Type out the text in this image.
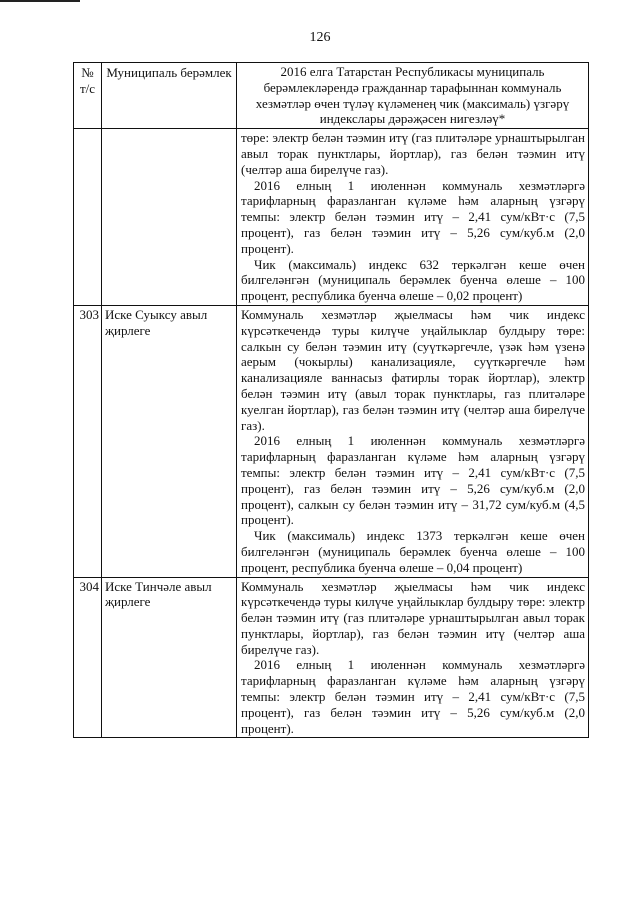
126
№ т/с	Муниципаль берәмлек	2016 елга Татарстан Республикасы муниципаль берәмлекләрендә гражданнар тарафыннан коммуналь хезмәтләр өчен түләү күләменең чик (максималь) үзгәрү индекслары дәрәҗәсен нигезләү*

		төре: электр белән тәэмин итү (газ плитәләре урнаштырылган авыл торак пунктлары, йортлар), газ белән тәэмин итү (челтәр аша бирелүче газ).
2016 елның 1 июленнән коммуналь хезмәтләргә тарифларның фаразланган күләме һәм аларның үзгәрү темпы: электр белән тәэмин итү – 2,41 сум/кВт·с (7,5 процент), газ белән тәэмин итү – 5,26 сум/куб.м (2,0 процент).
Чик (максималь) индекс 632 теркәлгән кеше өчен билгеләнгән (муниципаль берәмлек буенча өлеше – 100 процент, республика буенча өлеше – 0,02 процент)

303	Иске Суыксу авыл җирлеге	Коммуналь хезмәтләр җыелмасы һәм чик индекс күрсәткечендә туры килүче уңайлыклар булдыру төре: салкын су белән тәэмин итү (суүткәргечле, үзәк һәм үзенә аерым (чокырлы) канализацияле, суүткәргечле һәм канализацияле ваннасыз фатирлы торак йортлар), электр белән тәэмин итү (авыл торак пунктлары, газ плитәләре куелган йортлар), газ белән тәэмин итү (челтәр аша бирелүче газ).
2016 елның 1 июленнән коммуналь хезмәтләргә тарифларның фаразланган күләме һәм аларның үзгәрү темпы: электр белән тәэмин итү – 2,41 сум/кВт·с (7,5 процент), газ белән тәэмин итү – 5,26 сум/куб.м (2,0 процент), салкын су белән тәэмин итү – 31,72 сум/куб.м (4,5 процент).
Чик (максималь) индекс 1373 теркәлгән кеше өчен билгеләнгән (муниципаль берәмлек буенча өлеше – 100 процент, республика буенча өлеше – 0,04 процент)

304	Иске Тинчәле авыл җирлеге	Коммуналь хезмәтләр җыелмасы һәм чик индекс күрсәткечендә туры килүче уңайлыклар булдыру төре: электр белән тәэмин итү (газ плитәләре урнаштырылган авыл торак пунктлары, йортлар), газ белән тәэмин итү (челтәр аша бирелүче газ).
2016 елның 1 июленнән коммуналь хезмәтләргә тарифларның фаразланган күләме һәм аларның үзгәрү темпы: электр белән тәэмин итү – 2,41 сум/кВт·с (7,5 процент), газ белән тәэмин итү – 5,26 сум/куб.м (2,0 процент).
